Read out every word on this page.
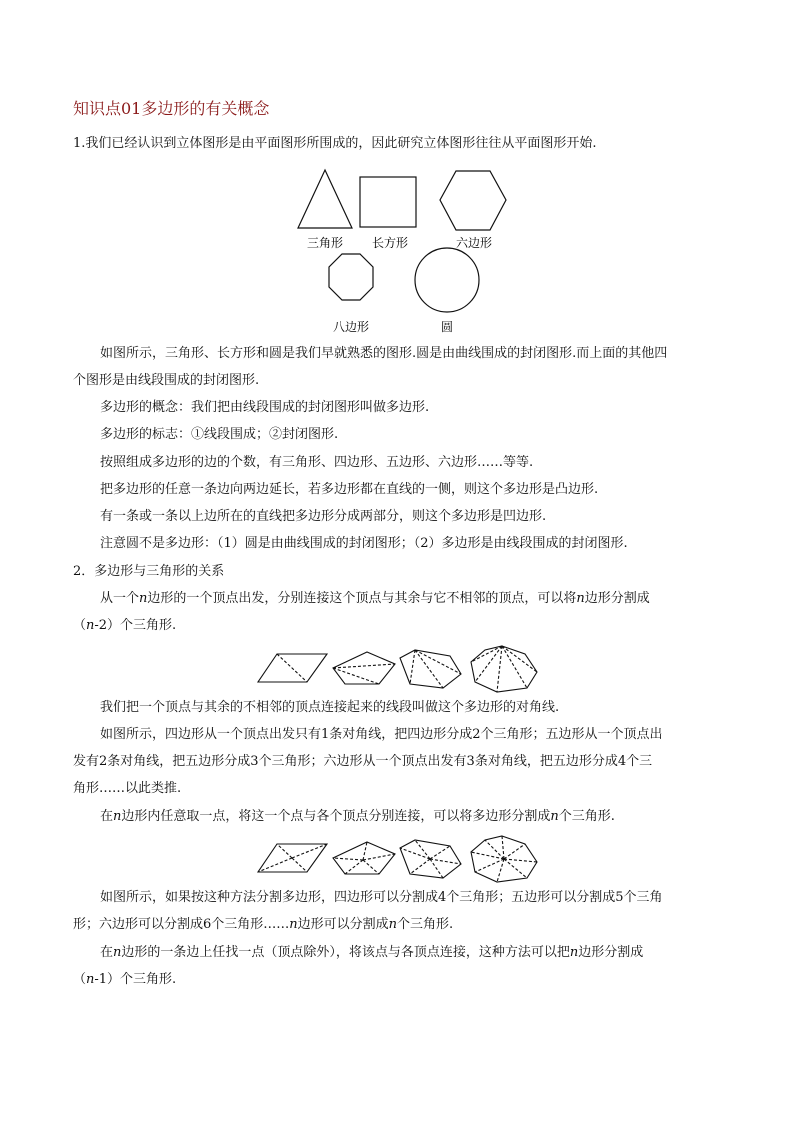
知识点01多边形的有关概念
1.我们已经认识到立体图形是由平面图形所围成的，因此研究立体图形往往从平面图形开始.
三角形 长方形	六边形
八边形	圆
如图所示，三角形、长方形和圆是我们早就熟悉的图形.圆是由曲线围成的封闭图形.而上面的其他四
个图形是由线段围成的封闭图形.
多边形的概念：我们把由线段围成的封闭图形叫做多边形.
多边形的标志：①线段围成；②封闭图形.
按照组成多边形的边的个数，有三角形、四边形、五边形、六边形……等等.
把多边形的任意一条边向两边延长，若多边形都在直线的一侧，则这个多边形是凸边形.
有一条或一条以上边所在的直线把多边形分成两部分，则这个多边形是凹边形.
注意圆不是多边形：（1）圆是由曲线围成的封闭图形；（2）多边形是由线段围成的封闭图形.
2．多边形与三角形的关系
从一个n边形的一个顶点出发，分别连接这个顶点与其余与它不相邻的顶点，可以将n边形分割成
（n-2）个三角形.
我们把一个顶点与其余的不相邻的顶点连接起来的线段叫做这个多边形的对角线.
如图所示，四边形从一个顶点出发只有1条对角线，把四边形分成2个三角形；五边形从一个顶点出
发有2条对角线，把五边形分成3个三角形；六边形从一个顶点出发有3条对角线，把五边形分成4个三
角形……以此类推.
在n边形内任意取一点，将这一个点与各个顶点分别连接，可以将多边形分割成n个三角形.
如图所示，如果按这种方法分割多边形，四边形可以分割成4个三角形；五边形可以分割成5个三角
形；六边形可以分割成6个三角形……n边形可以分割成n个三角形.
在n边形的一条边上任找一点（顶点除外），将该点与各顶点连接，这种方法可以把n边形分割成
（n-1）个三角形.
